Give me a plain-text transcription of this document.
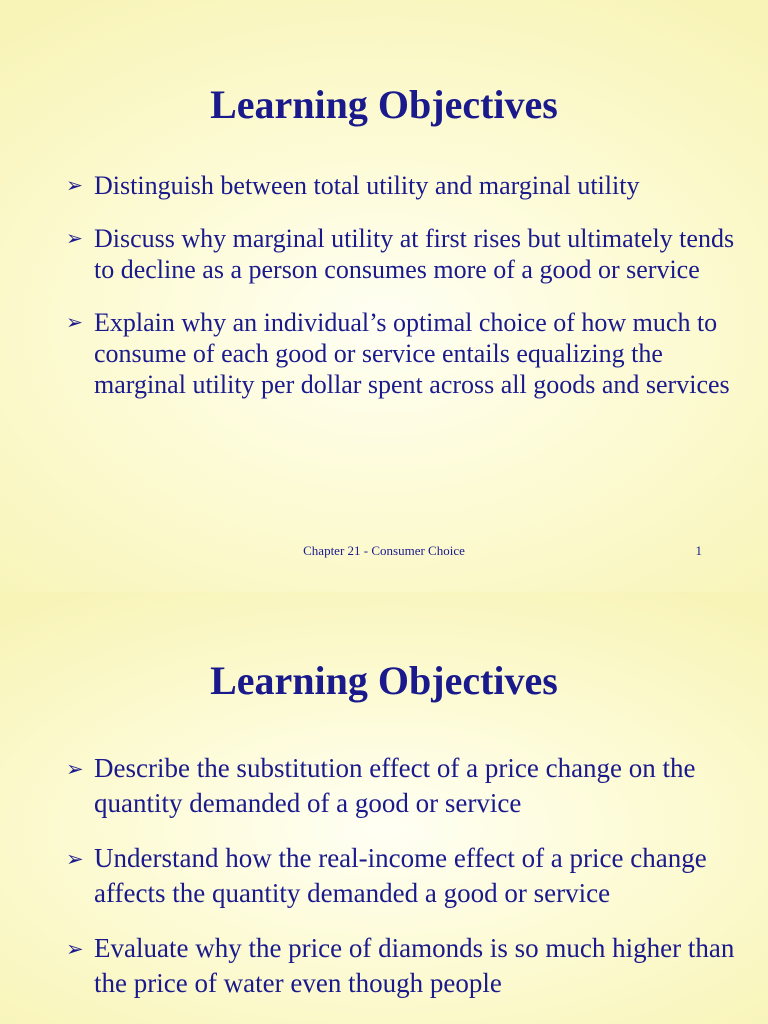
Learning Objectives
➢ Distinguish between total utility and marginal utility
➢ Discuss why marginal utility at first rises but ultimately tends to decline as a person consumes more of a good or service
➢ Explain why an individual’s optimal choice of how much to consume of each good or service entails equalizing the marginal utility per dollar spent across all goods and services
Chapter 21 - Consumer Choice	1
Learning Objectives
➢ Describe the substitution effect of a price change on the quantity demanded of a good or service
➢ Understand how the real-income effect of a price change affects the quantity demanded a good or service
➢ Evaluate why the price of diamonds is so much higher than the price of water even though people
